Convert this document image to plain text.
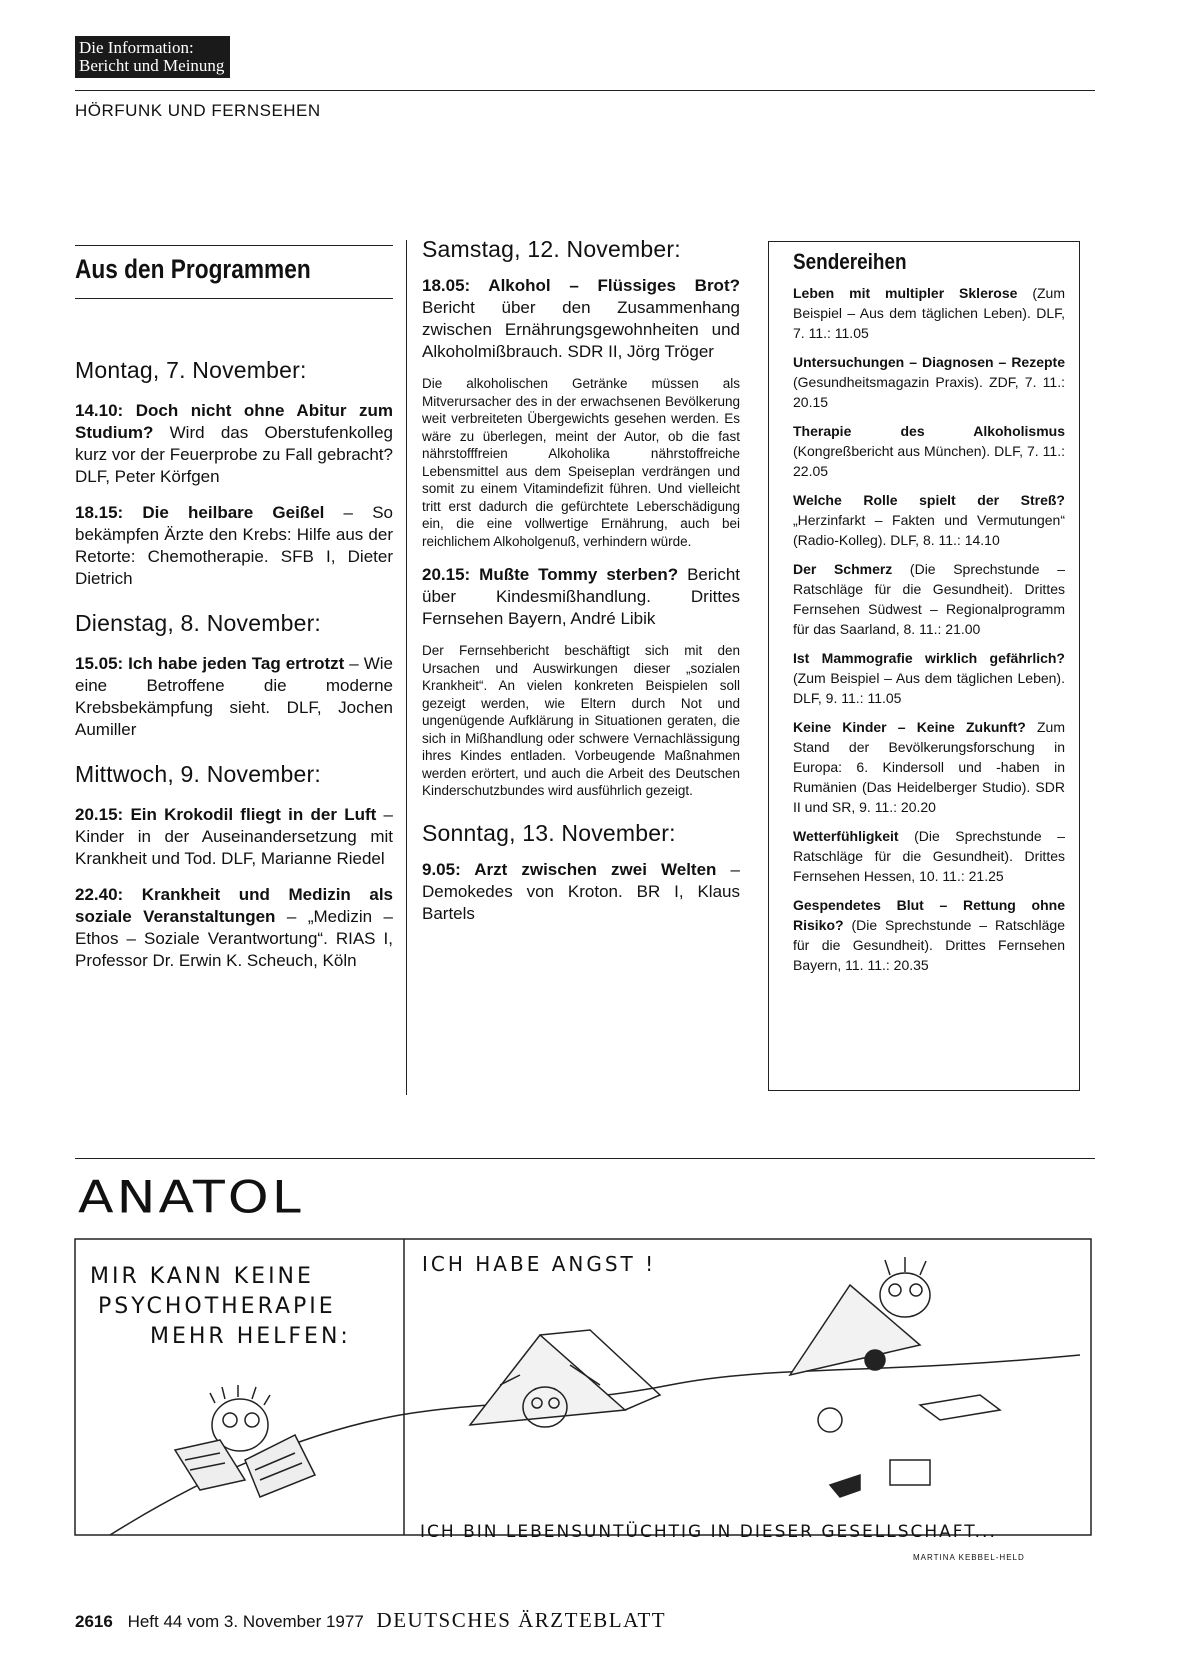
Die Information:
Bericht und Meinung
HÖRFUNK UND FERNSEHEN
Aus den Programmen
Montag, 7. November:
14.10: Doch nicht ohne Abitur zum Studium? Wird das Oberstufenkolleg kurz vor der Feuerprobe zu Fall gebracht? DLF, Peter Körfgen
18.15: Die heilbare Geißel – So bekämpfen Ärzte den Krebs: Hilfe aus der Retorte: Chemotherapie. SFB I, Dieter Dietrich
Dienstag, 8. November:
15.05: Ich habe jeden Tag ertrotzt – Wie eine Betroffene die moderne Krebsbekämpfung sieht. DLF, Jochen Aumiller
Mittwoch, 9. November:
20.15: Ein Krokodil fliegt in der Luft – Kinder in der Auseinandersetzung mit Krankheit und Tod. DLF, Marianne Riedel
22.40: Krankheit und Medizin als soziale Veranstaltungen – „Medizin – Ethos – Soziale Verantwortung“. RIAS I, Professor Dr. Erwin K. Scheuch, Köln
Samstag, 12. November:
18.05: Alkohol – Flüssiges Brot? Bericht über den Zusammenhang zwischen Ernährungsgewohnheiten und Alkoholmißbrauch. SDR II, Jörg Tröger
Die alkoholischen Getränke müssen als Mitverursacher des in der erwachsenen Bevölkerung weit verbreiteten Übergewichts gesehen werden. Es wäre zu überlegen, meint der Autor, ob die fast nährstofffreien Alkoholika nährstoffreiche Lebensmittel aus dem Speiseplan verdrängen und somit zu einem Vitamindefizit führen. Und vielleicht tritt erst dadurch die gefürchtete Leberschädigung ein, die eine vollwertige Ernährung, auch bei reichlichem Alkoholgenuß, verhindern würde.
20.15: Mußte Tommy sterben? Bericht über Kindesmißhandlung. Drittes Fernsehen Bayern, André Libik
Der Fernsehbericht beschäftigt sich mit den Ursachen und Auswirkungen dieser „sozialen Krankheit“. An vielen konkreten Beispielen soll gezeigt werden, wie Eltern durch Not und ungenügende Aufklärung in Situationen geraten, die sich in Mißhandlung oder schwere Vernachlässigung ihres Kindes entladen. Vorbeugende Maßnahmen werden erörtert, und auch die Arbeit des Deutschen Kinderschutzbundes wird ausführlich gezeigt.
Sonntag, 13. November:
9.05: Arzt zwischen zwei Welten – Demokedes von Kroton. BR I, Klaus Bartels
Sendereihen
Leben mit multipler Sklerose (Zum Beispiel – Aus dem täglichen Leben). DLF, 7. 11.: 11.05
Untersuchungen – Diagnosen – Rezepte (Gesundheitsmagazin Praxis). ZDF, 7. 11.: 20.15
Therapie des Alkoholismus (Kongreßbericht aus München). DLF, 7. 11.: 22.05
Welche Rolle spielt der Streß? „Herzinfarkt – Fakten und Vermutungen“ (Radio-Kolleg). DLF, 8. 11.: 14.10
Der Schmerz (Die Sprechstunde – Ratschläge für die Gesundheit). Drittes Fernsehen Südwest – Regionalprogramm für das Saarland, 8. 11.: 21.00
Ist Mammografie wirklich gefährlich? (Zum Beispiel – Aus dem täglichen Leben). DLF, 9. 11.: 11.05
Keine Kinder – Keine Zukunft? Zum Stand der Bevölkerungsforschung in Europa: 6. Kindersoll und -haben in Rumänien (Das Heidelberger Studio). SDR II und SR, 9. 11.: 20.20
Wetterfühligkeit (Die Sprechstunde – Ratschläge für die Gesundheit). Drittes Fernsehen Hessen, 10. 11.: 21.25
Gespendetes Blut – Rettung ohne Risiko? (Die Sprechstunde – Ratschläge für die Gesundheit). Drittes Fernsehen Bayern, 11. 11.: 20.35
ANATOL
MIR KANN KEINE
PSYCHOTHERAPIE
MEHR HELFEN:
ICH HABE ANGST !
ICH BIN LEBENSUNTÜCHTIG IN DIESER GESELLSCHAFT...
MARTINA KEBBEL-HELD
2616 Heft 44 vom 3. November 1977 DEUTSCHES ÄRZTEBLATT
